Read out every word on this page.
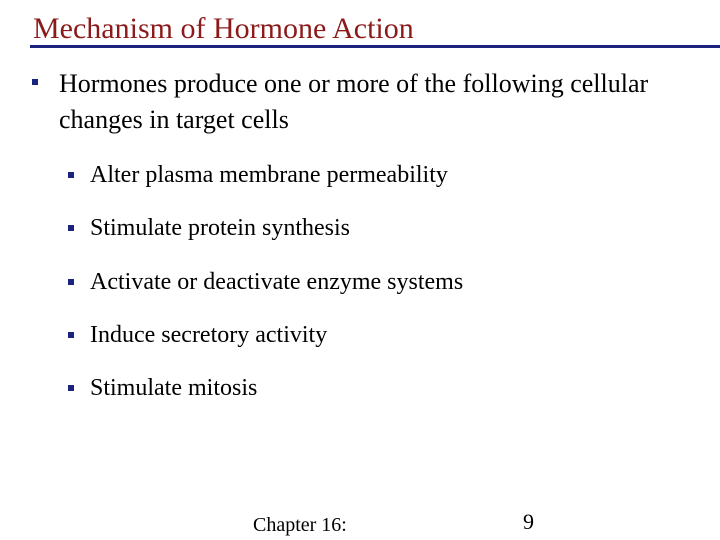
Mechanism of Hormone Action
Hormones produce one or more of the following cellular changes in target cells
Alter plasma membrane permeability
Stimulate protein synthesis
Activate or deactivate enzyme systems
Induce secretory activity
Stimulate mitosis
Chapter 16:	9
